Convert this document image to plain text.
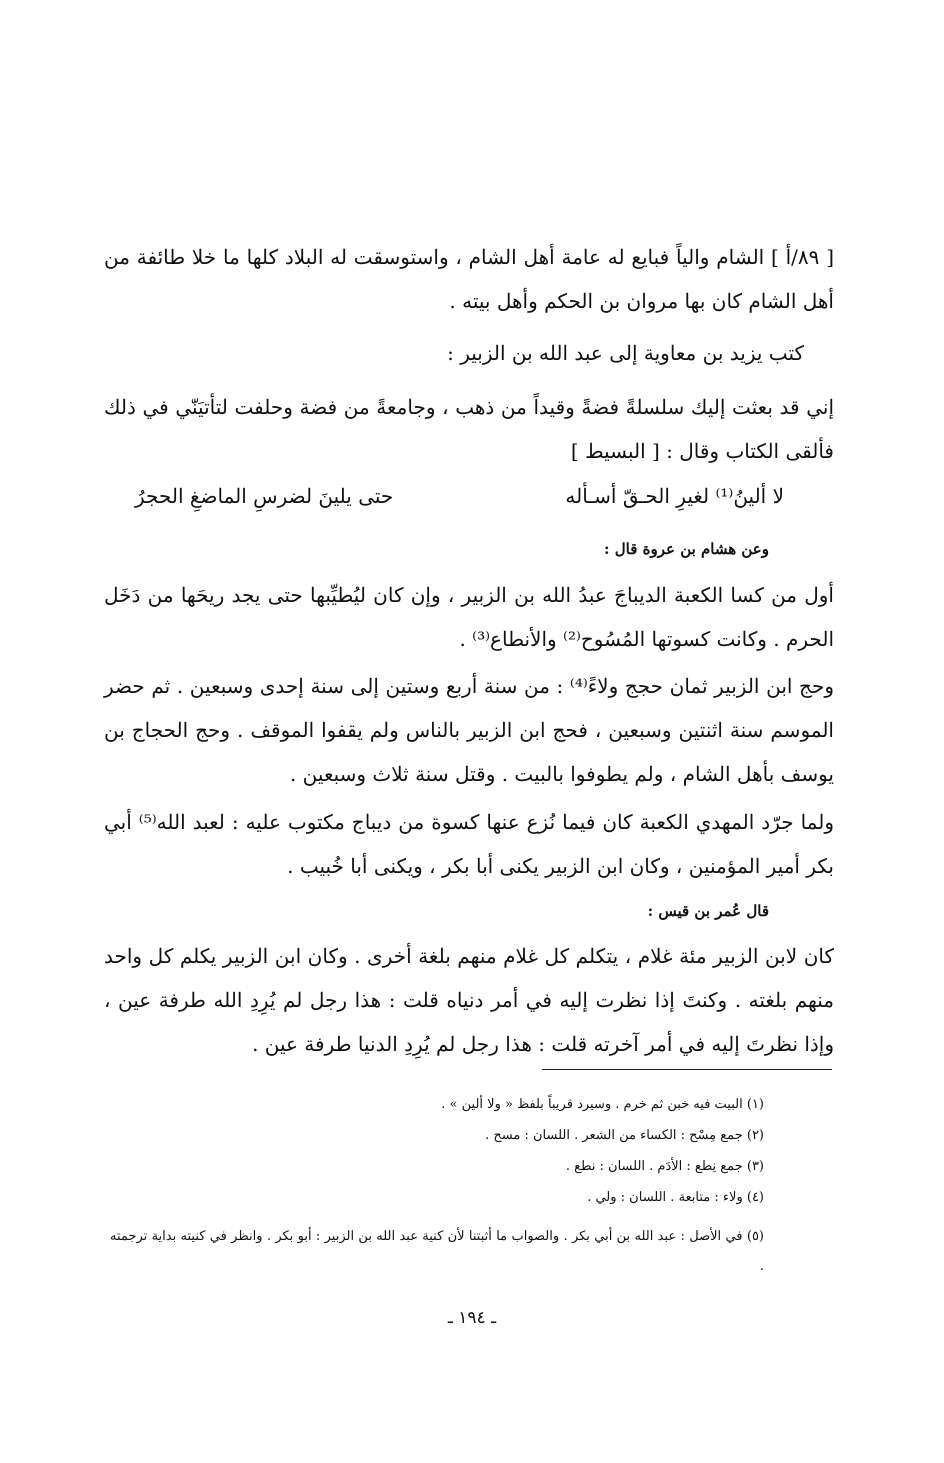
[ ٨٩/أ ] الشام والياً فبايع له عامة أهل الشام ، واستوسقت له البلاد كلها ما خلا طائفة من أهل الشام كان بها مروان بن الحكم وأهل بيته .

كتب يزيد بن معاوية إلى عبد الله بن الزبير :

إني قد بعثت إليك سلسلةً فضةً وقيداً من ذهب ، وجامعةً من فضة وحلفت لتأتيَنّي في ذلك فألقى الكتاب وقال : [ البسيط ]

لا ألينُ⁽¹⁾ لغيرِ الحـقّ أسـأله
حتى يلينَ لضرسِ الماضغِ الحجرُ

وعن هشام بن عروة قال :

أول من كسا الكعبة الديباجَ عبدُ الله بن الزبير ، وإن كان ليُطيِّبها حتى يجد ريحَها من دَخَل الحرم . وكانت كسوتها المُسُوح⁽²⁾ والأنطاع⁽³⁾ .

وحج ابن الزبير ثمان حجج ولاءً⁽⁴⁾ : من سنة أربع وستين إلى سنة إحدى وسبعين . ثم حضر الموسم سنة اثنتين وسبعين ، فحج ابن الزبير بالناس ولم يقفوا الموقف . وحج الحجاج بن يوسف بأهل الشام ، ولم يطوفوا بالبيت . وقتل سنة ثلاث وسبعين .

ولما جرّد المهدي الكعبة كان فيما نُزع عنها كسوة من ديباج مكتوب عليه : لعبد الله⁽⁵⁾ أبي بكر أمير المؤمنين ، وكان ابن الزبير يكنى أبا بكر ، ويكنى أبا خُبيب .

قال عُمر بن قيس :

كان لابن الزبير مئة غلام ، يتكلم كل غلام منهم بلغة أخرى . وكان ابن الزبير يكلم كل واحد منهم بلغته . وكنتَ إذا نظرت إليه في أمر دنياه قلت : هذا رجل لم يُرِدِ الله طرفة عين ، وإذا نظرتَ إليه في أمر آخرته قلت : هذا رجل لم يُرِدِ الدنيا طرفة عين .

(١) البيت فيه خبن ثم خرم . وسيرد قريباً بلفظ « ولا ألين » .

(٢) جمع مِسْح : الكساء من الشعر . اللسان : مسح .

(٣) جمع نِطع : الأدَم . اللسان : نطع .

(٤) ولاء : متابعة . اللسان : ولي .

(٥) في الأصل : عبد الله بن أبي بكر . والصواب ما أثبتنا لأن كنية عبد الله بن الزبير : أبو بكر . وانظر في كنيته بداية ترجمته .

ـ ١٩٤ ـ
